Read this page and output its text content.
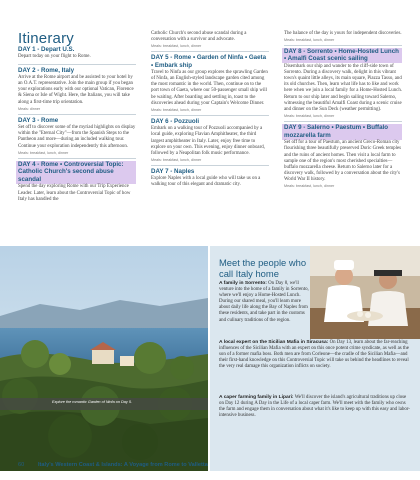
Itinerary
DAY 1 - Depart U.S.
Depart today on your flight to Rome.
DAY 2 - Rome, Italy
Arrive at the Rome airport and be assisted to your hotel by an O.A.T. representative. Join the main group if you began your explorations early with our optional Vatican, Florence & Siena or Isle of Wight. Here, the Italians, you will take along a first-time trip orientation.
Meals: dinner
DAY 3 - Rome
Set off to discover some of the myriad highlights on display within the "Eternal City"—from the Spanish Steps to the Pantheon and more—during an included walking tour. Continue your exploration independently this afternoon.
Meals: breakfast, lunch, dinner
DAY 4 - Rome • Controversial Topic: Catholic Church's second abuse scandal
Spend the day exploring Rome with our Trip Experience Leader. Later, learn about the Controversial Topic of how Italy has handled the
Catholic Church's second abuse scandal during a conversation with a survivor and advocate.
Meals: breakfast, lunch, dinner
DAY 5 - Rome • Garden of Ninfa • Gaeta • Embark ship
Travel to Ninfa as our group explores the sprawling Garden of Ninfa, an English-styled landscape garden cited among the most romantic in the world. Then, continue on to the port town of Gaeta, where our 50-passenger small ship will be waiting. After boarding and settling in, toast to the discoveries ahead during your Captain's Welcome Dinner.
Meals: breakfast, lunch, dinner
DAY 6 - Pozzuoli
Embark on a walking tour of Pozzuoli accompanied by a local guide, exploring Flavian Amphitheater, the third largest amphitheater in Italy. Later, enjoy free time to explore on your own. This evening, enjoy dinner onboard, followed by a Neapolitan folk music performance.
Meals: breakfast, lunch, dinner
DAY 7 - Naples
Explore Naples with a local guide who will take us on a walking tour of this elegant and dramatic city.
The balance of the day is yours for independent discoveries.
Meals: breakfast, lunch, dinner
DAY 8 - Sorrento • Home-Hosted Lunch • Amalfi Coast scenic sailing
Disembark our ship and wander to the cliff-side town of Sorrento. During a discovery walk, delight in this vibrant town's quaint little alleys, its main square, Piazza Tasso, and its old churches. Then, learn what life has to like and work here when we join a local family for a Home-Hosted Lunch. Return to our ship later and begin sailing toward Salerno, witnessing the beautiful Amalfi Coast during a scenic cruise and dinner on the Sun Deck (weather permitting).
Meals: breakfast, lunch, dinner
DAY 9 - Salerno • Paestum • Buffalo mozzarella farm
Set off for a tour of Paestum, an ancient Greco-Roman city flourishing three beautifully preserved Doric Greek temples and the ruins of ancient homes. Then visit a local farm to sample one of the region's most cherished specialties—buffalo mozzarella cheese. Return to Salerno later for a discovery walk, followed by a conversation about the city's World War II history.
Meals: breakfast, lunch, dinner
Explore the romantic Garden of Ninfa on Day 5.
Meet the people who
call Italy home
A family in Sorrento: On Day 8, we'll venture into the home of a family in Sorrento, where we'll enjoy a Home-Hosted Lunch. During our shared meal, you'll learn more about daily life along the Bay of Naples from these residents, and take part in the customs and culinary traditions of the region.
A local expert on the Sicilian Mafia in Siracusa: On Day 13, learn about the far-reaching influences of the Sicilian Mafia with an expert on this once potent crime syndicate, as well as the son of a former mafia boss. Both men are from Corleone—the cradle of the Sicilian Mafia—and their first-hand knowledge on this Controversial Topic will take us behind the headlines to reveal the very real damage this organization inflicts on society.
A caper farming family in Lipari: We'll discover the island's agricultural traditions up close on Day 12 during A Day in the Life of a local caper farm. We'll meet with the family who owns the farm and engage them in conversation about what it's like to keep up with this easy and labor-intensive business.
60 Italy's Western Coast & Islands: A Voyage from Rome to Valletta
